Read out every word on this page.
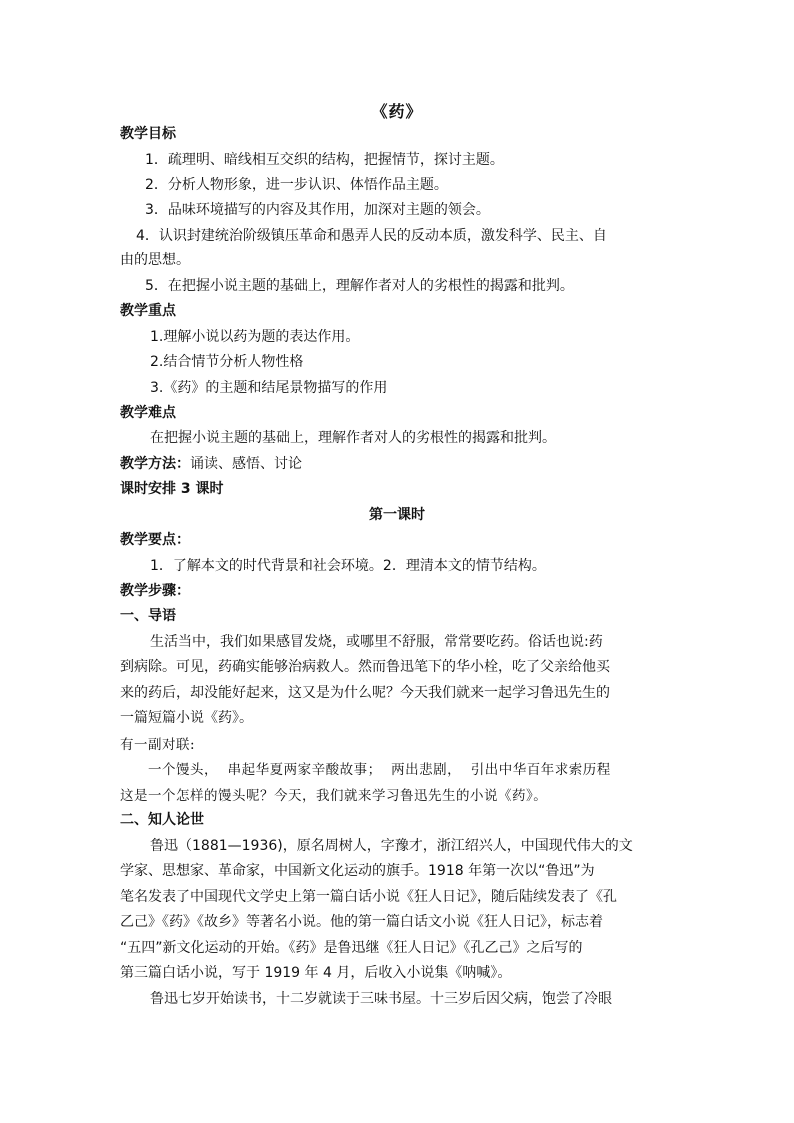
《药》
教学目标
1．疏理明、暗线相互交织的结构，把握情节，探讨主题。
2．分析人物形象，进一步认识、体悟作品主题。
3．品味环境描写的内容及其作用，加深对主题的领会。
4．认识封建统治阶级镇压革命和愚弄人民的反动本质，激发科学、民主、自
由的思想。
5．在把握小说主题的基础上，理解作者对人的劣根性的揭露和批判。
教学重点
1.理解小说以药为题的表达作用。
2.结合情节分析人物性格
3.《药》的主题和结尾景物描写的作用
教学难点
在把握小说主题的基础上，理解作者对人的劣根性的揭露和批判。
教学方法：诵读、感悟、讨论
课时安排 3 课时
第一课时
教学要点：
1．了解本文的时代背景和社会环境。2．理清本文的情节结构。
教学步骤：
一、导语
生活当中，我们如果感冒发烧，或哪里不舒服，常常要吃药。俗话也说:药
到病除。可见，药确实能够治病救人。然而鲁迅笔下的华小栓，吃了父亲给他买
来的药后，却没能好起来，这又是为什么呢？今天我们就来一起学习鲁迅先生的
一篇短篇小说《药》。
有一副对联:
一个馒头，  串起华夏两家辛酸故事；  两出悲剧，  引出中华百年求索历程
这是一个怎样的馒头呢？今天，我们就来学习鲁迅先生的小说《药》。
二、知人论世
鲁迅（1881—1936)，原名周树人，字豫才，浙江绍兴人，中国现代伟大的文
学家、思想家、革命家，中国新文化运动的旗手。1918 年第一次以“鲁迅”为
笔名发表了中国现代文学史上第一篇白话小说《狂人日记》，随后陆续发表了《孔
乙己》《药》《故乡》等著名小说。他的第一篇白话文小说《狂人日记》，标志着
“五四”新文化运动的开始。《药》是鲁迅继《狂人日记》《孔乙己》之后写的
第三篇白话小说，写于 1919 年 4 月，后收入小说集《呐喊》。
鲁迅七岁开始读书，十二岁就读于三味书屋。十三岁后因父病，饱尝了冷眼
